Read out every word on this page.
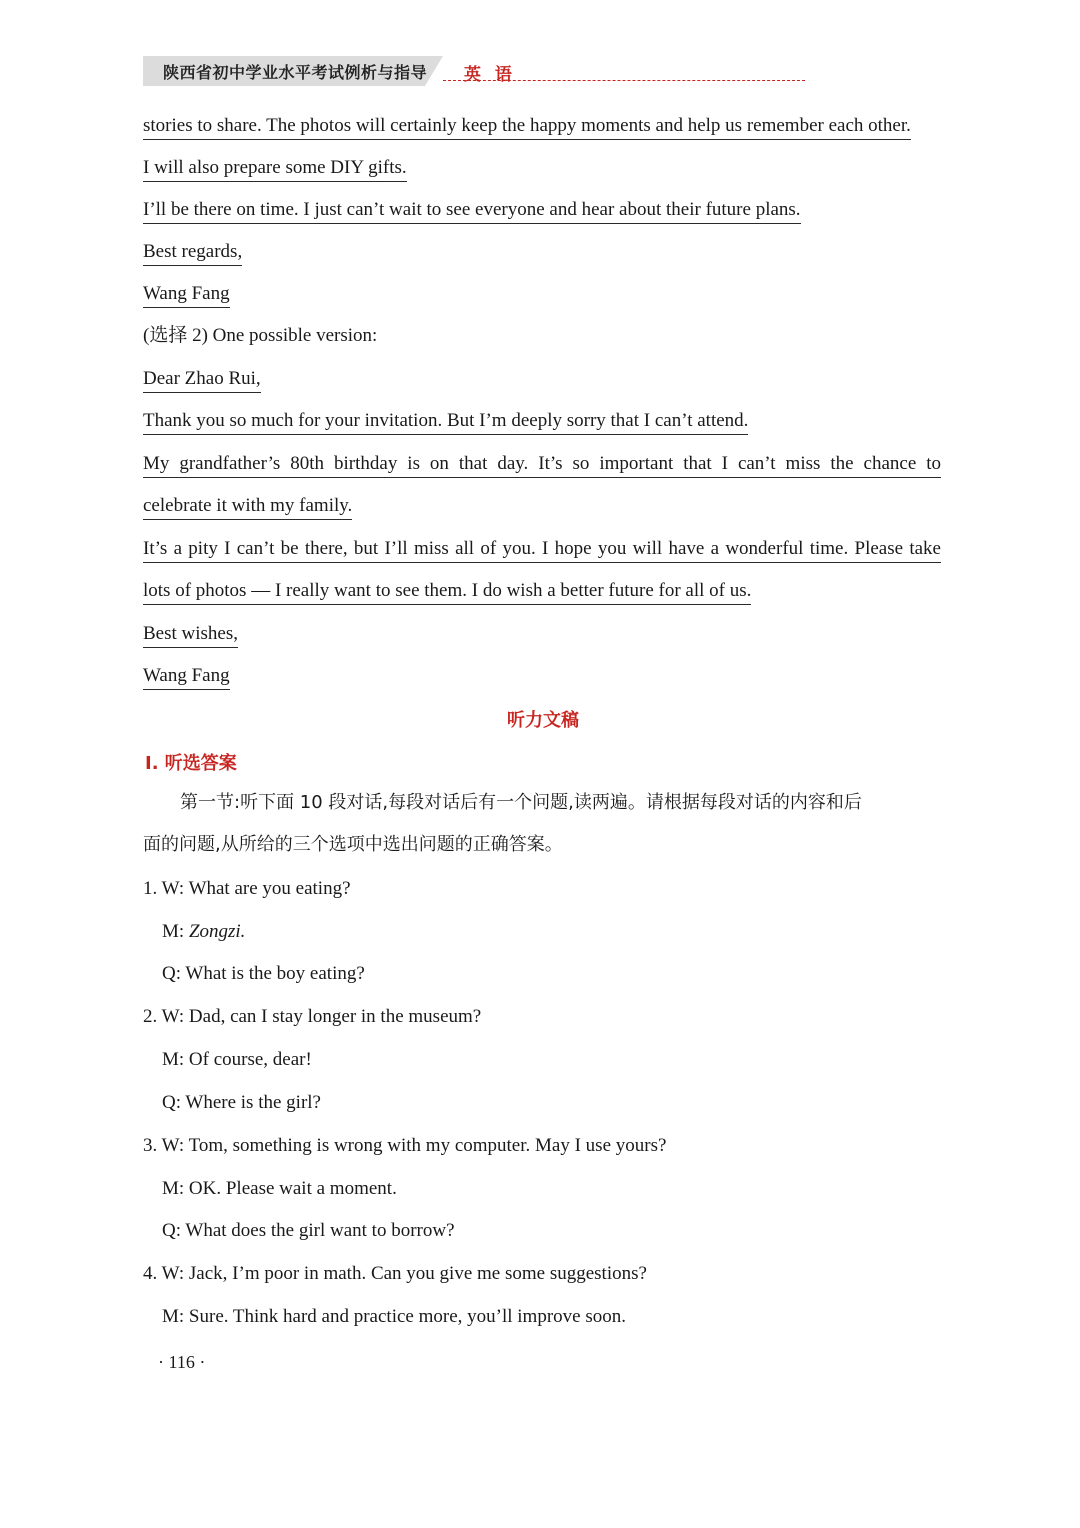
陕西省初中学业水平考试例析与指导 英 语
stories to share. The photos will certainly keep the happy moments and help us remember each other.
I will also prepare some DIY gifts.
I’ll be there on time. I just can’t wait to see everyone and hear about their future plans.
Best regards,
Wang Fang
(选择 2) One possible version:
Dear Zhao Rui,
Thank you so much for your invitation. But I’m deeply sorry that I can’t attend.
My grandfather’s 80th birthday is on that day. It’s so important that I can’t miss the chance to
celebrate it with my family.
It’s a pity I can’t be there, but I’ll miss all of you. I hope you will have a wonderful time. Please take
lots of photos — I really want to see them. I do wish a better future for all of us.
Best wishes,
Wang Fang
听力文稿
Ⅰ. 听选答案
第一节:听下面 10 段对话,每段对话后有一个问题,读两遍。请根据每段对话的内容和后
面的问题,从所给的三个选项中选出问题的正确答案。
1. W: What are you eating?
M: Zongzi.
Q: What is the boy eating?
2. W: Dad, can I stay longer in the museum?
M: Of course, dear!
Q: Where is the girl?
3. W: Tom, something is wrong with my computer. May I use yours?
M: OK. Please wait a moment.
Q: What does the girl want to borrow?
4. W: Jack, I’m poor in math. Can you give me some suggestions?
M: Sure. Think hard and practice more, you’ll improve soon.
· 116 ·
